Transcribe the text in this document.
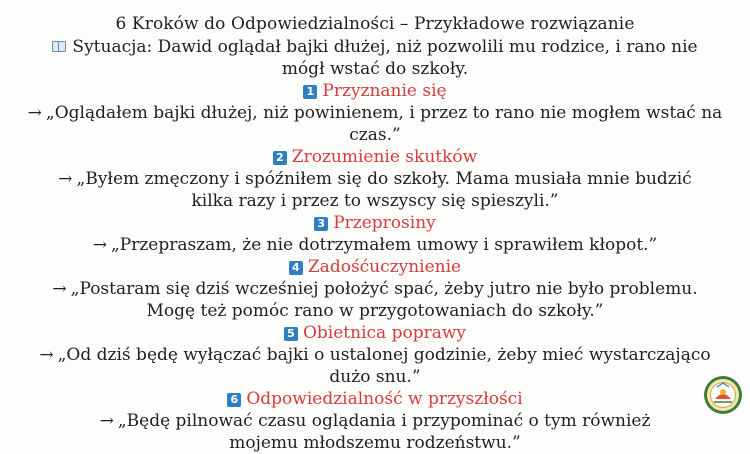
6 Kroków do Odpowiedzialności – Przykładowe rozwiązanie
Sytuacja: Dawid oglądał bajki dłużej, niż pozwolili mu rodzice, i rano nie mógł wstać do szkoły.
1 Przyznanie się
→ „Oglądałem bajki dłużej, niż powinienem, i przez to rano nie mogłem wstać na czas.”
2 Zrozumienie skutków
→ „Byłem zmęczony i spóźniłem się do szkoły. Mama musiała mnie budzić kilka razy i przez to wszyscy się spieszyli.”
3 Przeprosiny
→ „Przepraszam, że nie dotrzymałem umowy i sprawiłem kłopot.”
4 Zadośćuczynienie
→ „Postaram się dziś wcześniej położyć spać, żeby jutro nie było problemu. Mogę też pomóc rano w przygotowaniach do szkoły.”
5 Obietnica poprawy
→ „Od dziś będę wyłączać bajki o ustalonej godzinie, żeby mieć wystarczająco dużo snu.”
6 Odpowiedzialność w przyszłości
→ „Będę pilnować czasu oglądania i przypominać o tym również mojemu młodszemu rodzeństwu.”
